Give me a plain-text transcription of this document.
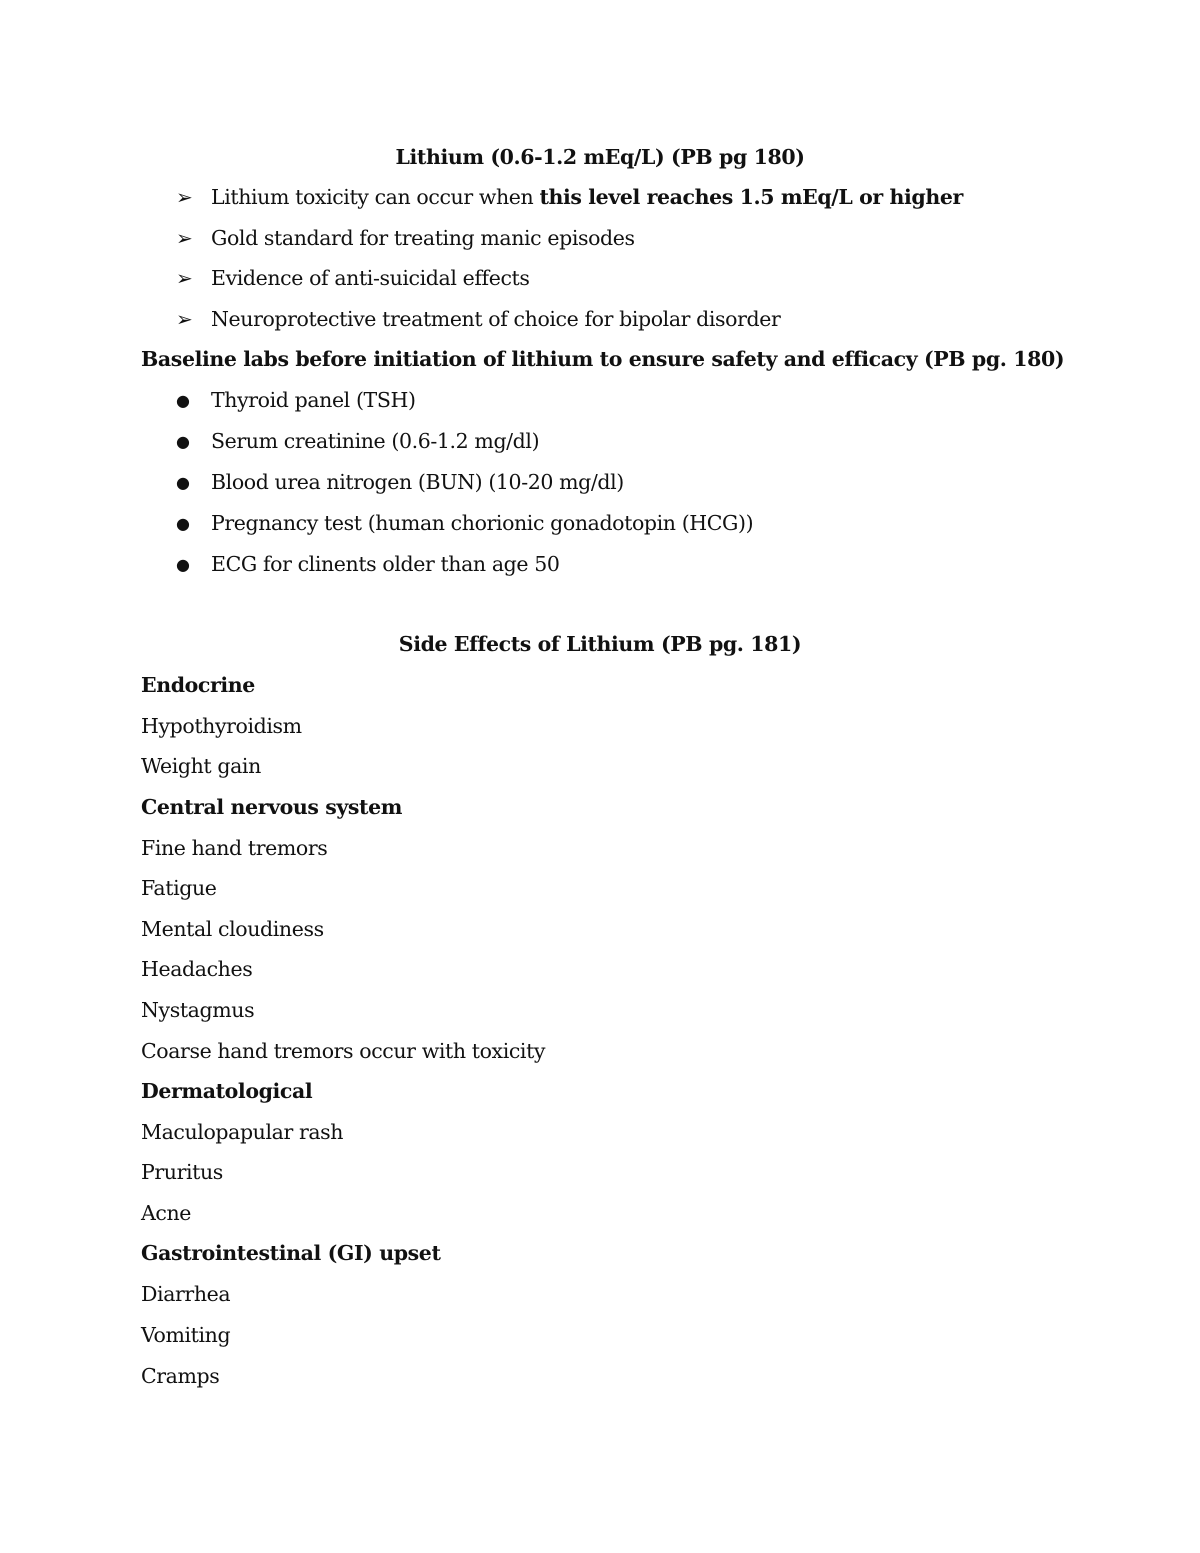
Lithium (0.6-1.2 mEq/L) (PB pg 180)
➢ Lithium toxicity can occur when this level reaches 1.5 mEq/L or higher
➢ Gold standard for treating manic episodes
➢ Evidence of anti-suicidal effects
➢ Neuroprotective treatment of choice for bipolar disorder
Baseline labs before initiation of lithium to ensure safety and efficacy (PB pg. 180)
● Thyroid panel (TSH)
● Serum creatinine (0.6-1.2 mg/dl)
● Blood urea nitrogen (BUN) (10-20 mg/dl)
● Pregnancy test (human chorionic gonadotopin (HCG))
● ECG for clinents older than age 50
Side Effects of Lithium (PB pg. 181)
Endocrine
Hypothyroidism
Weight gain
Central nervous system
Fine hand tremors
Fatigue
Mental cloudiness
Headaches
Nystagmus
Coarse hand tremors occur with toxicity
Dermatological
Maculopapular rash
Pruritus
Acne
Gastrointestinal (GI) upset
Diarrhea
Vomiting
Cramps
